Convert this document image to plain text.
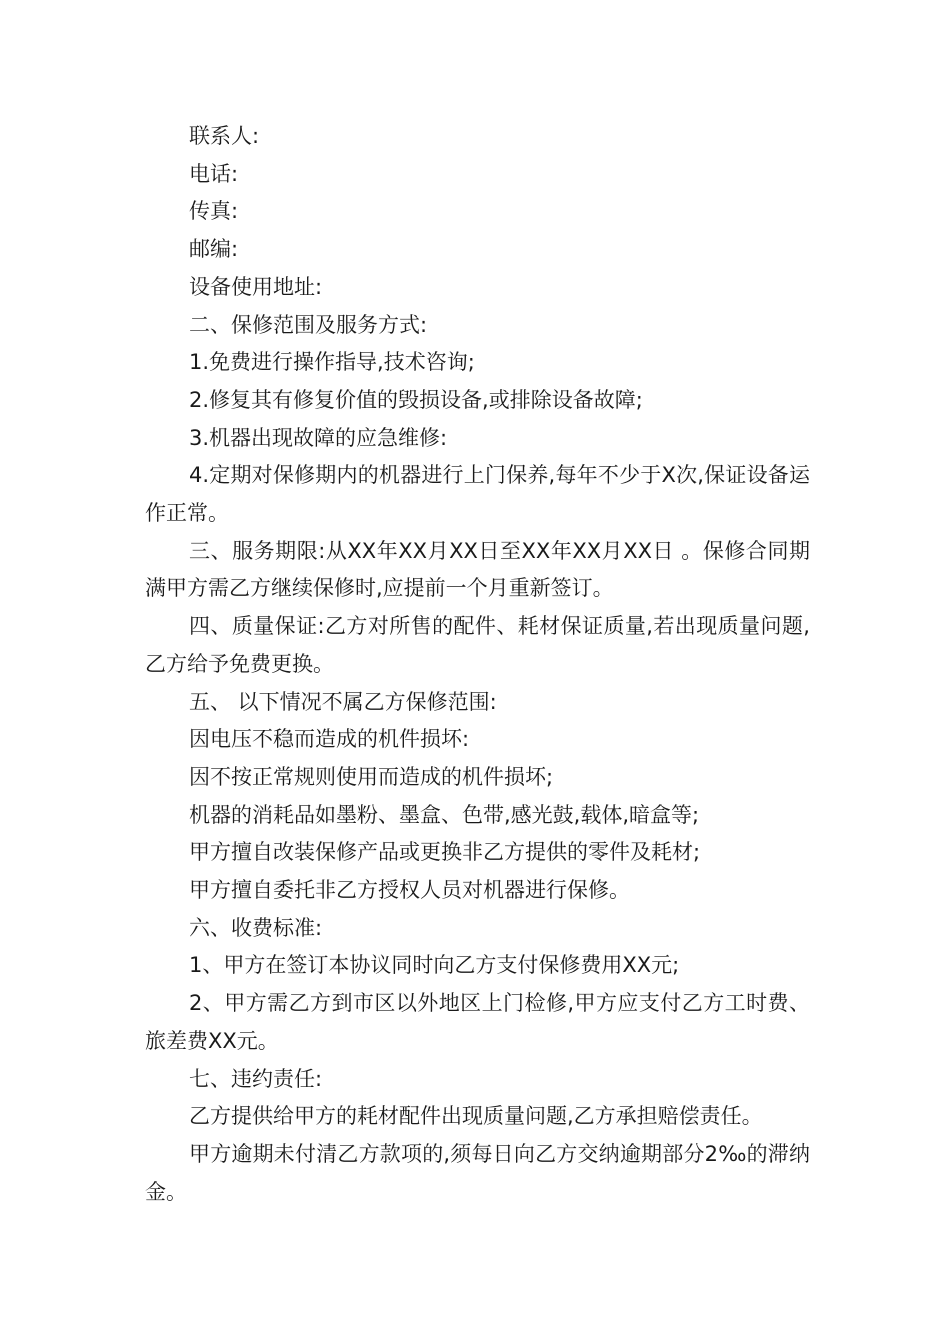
联系人:

电话:

传真:

邮编:

设备使用地址:

二、保修范围及服务方式:

1.免费进行操作指导,技术咨询;

2.修复其有修复价值的毁损设备,或排除设备故障;

3.机器出现故障的应急维修:

4.定期对保修期内的机器进行上门保养,每年不少于X次,保证设备运作正常。

三、服务期限:从XX年XX月XX日至XX年XX月XX日 。保修合同期满甲方需乙方继续保修时,应提前一个月重新签订。

四、质量保证:乙方对所售的配件、耗材保证质量,若出现质量问题,乙方给予免费更换。

五、 以下情况不属乙方保修范围:

因电压不稳而造成的机件损坏:

因不按正常规则使用而造成的机件损坏;

机器的消耗品如墨粉、墨盒、色带,感光鼓,载体,暗盒等;

甲方擅自改装保修产品或更换非乙方提供的零件及耗材;

甲方擅自委托非乙方授权人员对机器进行保修。

六、收费标准:

1、甲方在签订本协议同时向乙方支付保修费用XX元;

2、甲方需乙方到市区以外地区上门检修,甲方应支付乙方工时费、旅差费XX元。

七、违约责任:

乙方提供给甲方的耗材配件出现质量问题,乙方承担赔偿责任。

甲方逾期未付清乙方款项的,须每日向乙方交纳逾期部分2‰的滞纳金。
